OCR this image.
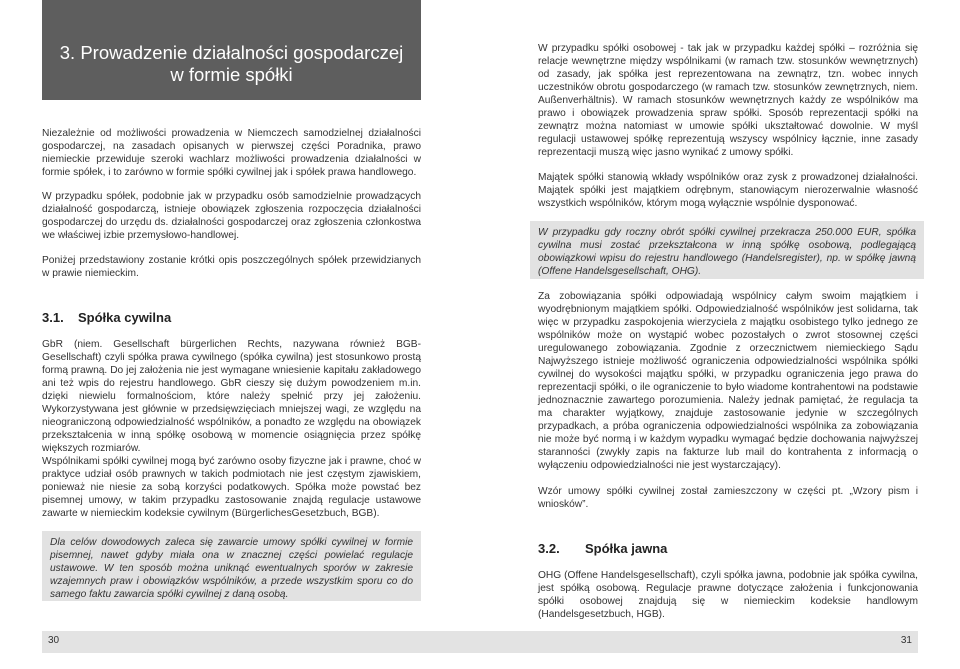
3. Prowadzenie działalności gospodarczej
w formie spółki

Niezależnie od możliwości prowadzenia w Niemczech samodzielnej działalności gospodarczej, na zasadach opisanych w pierwszej części Poradnika, prawo niemieckie przewiduje szeroki wachlarz możliwości prowadzenia działalności w formie spółek, i to zarówno w formie spółki cywilnej jak i spółek prawa handlowego.

W przypadku spółek, podobnie jak w przypadku osób samodzielnie prowadzących działalność gospodarczą, istnieje obowiązek zgłoszenia rozpoczęcia działalności gospodarczej do urzędu ds. działalności gospodarczej oraz zgłoszenia członkostwa we właściwej izbie przemysłowo-handlowej.

Poniżej przedstawiony zostanie krótki opis poszczególnych spółek przewidzianych w prawie niemieckim.

3.1. Spółka cywilna

GbR (niem. Gesellschaft bürgerlichen Rechts, nazywana również BGB-Gesellschaft) czyli spółka prawa cywilnego (spółka cywilna) jest stosunkowo prostą formą prawną. Do jej założenia nie jest wymagane wniesienie kapitału zakładowego ani też wpis do rejestru handlowego. GbR cieszy się dużym powodzeniem m.in. dzięki niewielu formalnościom, które należy spełnić przy jej założeniu. Wykorzystywana jest głównie w przedsięwzięciach mniejszej wagi, ze względu na nieograniczoną odpowiedzialność wspólników, a ponadto ze względu na obowiązek przekształcenia w inną spółkę osobową w momencie osiągnięcia przez spółkę większych rozmiarów.

Wspólnikami spółki cywilnej mogą być zarówno osoby fizyczne jak i prawne, choć w praktyce udział osób prawnych w takich podmiotach nie jest częstym zjawiskiem, ponieważ nie niesie za sobą korzyści podatkowych. Spółka może powstać bez pisemnej umowy, w takim przypadku zastosowanie znajdą regulacje ustawowe zawarte w niemieckim kodeksie cywilnym (BürgerlichesGesetzbuch, BGB).

Dla celów dowodowych zaleca się zawarcie umowy spółki cywilnej w formie pisemnej, nawet gdyby miała ona w znacznej części powielać regulacje ustawowe. W ten sposób można uniknąć ewentualnych sporów w zakresie wzajemnych praw i obowiązków wspólników, a przede wszystkim sporu co do samego faktu zawarcia spółki cywilnej z daną osobą.

30

W przypadku spółki osobowej - tak jak w przypadku każdej spółki – rozróżnia się relacje wewnętrzne między wspólnikami (w ramach tzw. stosunków wewnętrznych) od zasady, jak spółka jest reprezentowana na zewnątrz, tzn. wobec innych uczestników obrotu gospodarczego (w ramach tzw. stosunków zewnętrznych, niem. Außenverhältnis). W ramach stosunków wewnętrznych każdy ze wspólników ma prawo i obowiązek prowadzenia spraw spółki. Sposób reprezentacji spółki na zewnątrz można natomiast w umowie spółki ukształtować dowolnie. W myśl regulacji ustawowej spółkę reprezentują wszyscy wspólnicy łącznie, inne zasady reprezentacji muszą więc jasno wynikać z umowy spółki.

Majątek spółki stanowią wkłady wspólników oraz zysk z prowadzonej działalności. Majątek spółki jest majątkiem odrębnym, stanowiącym nierozerwalnie własność wszystkich wspólników, którym mogą wyłącznie wspólnie dysponować.

W przypadku gdy roczny obrót spółki cywilnej przekracza 250.000 EUR, spółka cywilna musi zostać przekształcona w inną spółkę osobową, podlegającą obowiązkowi wpisu do rejestru handlowego (Handelsregister), np. w spółkę jawną (Offene Handelsgesellschaft, OHG).

Za zobowiązania spółki odpowiadają wspólnicy całym swoim majątkiem i wyodrębnionym majątkiem spółki. Odpowiedzialność wspólników jest solidarna, tak więc w przypadku zaspokojenia wierzyciela z majątku osobistego tylko jednego ze wspólników może on wystąpić wobec pozostałych o zwrot stosownej części uregulowanego zobowiązania. Zgodnie z orzecznictwem niemieckiego Sądu Najwyższego istnieje możliwość ograniczenia odpowiedzialności wspólnika spółki cywilnej do wysokości majątku spółki, w przypadku ograniczenia jego prawa do reprezentacji spółki, o ile ograniczenie to było wiadome kontrahentowi na podstawie jednoznacznie zawartego porozumienia. Należy jednak pamiętać, że regulacja ta ma charakter wyjątkowy, znajduje zastosowanie jedynie w szczególnych przypadkach, a próba ograniczenia odpowiedzialności wspólnika za zobowiązania nie może być normą i w każdym wypadku wymagać będzie dochowania najwyższej staranności (zwykły zapis na fakturze lub mail do kontrahenta z informacją o wyłączeniu odpowiedzialności nie jest wystarczający).

Wzór umowy spółki cywilnej został zamieszczony w części pt. „Wzory pism i wniosków”.

3.2. Spółka jawna

OHG (Offene Handelsgesellschaft), czyli spółka jawna, podobnie jak spółka cywilna, jest spółką osobową. Regulacje prawne dotyczące założenia i funkcjonowania spółki osobowej znajdują się w niemieckim kodeksie handlowym (Handelsgesetzbuch, HGB).

31
